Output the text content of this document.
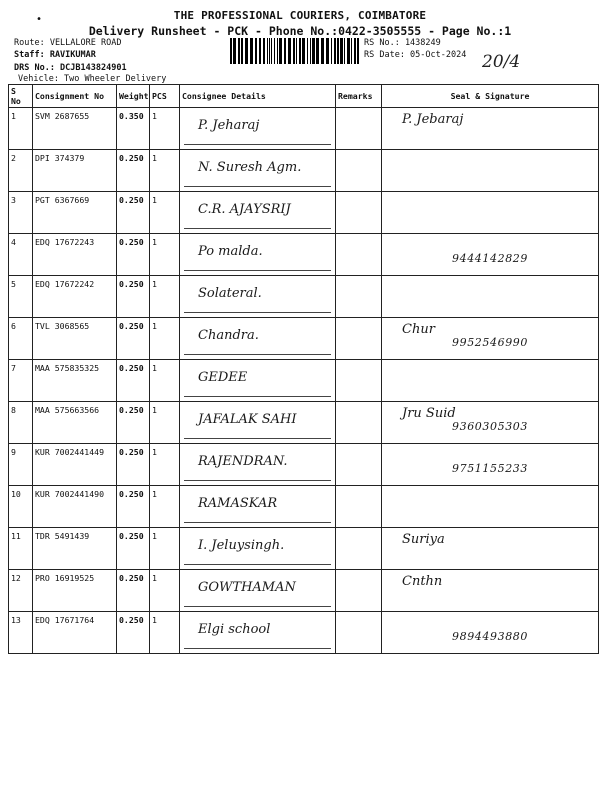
•	THE PROFESSIONAL COURIERS, COIMBATORE
Delivery Runsheet - PCK - Phone No.:0422-3505555 - Page No.:1
Route: VELLALORE ROAD
Staff: RAVIKUMAR
DRS No.: DCJB143824901
Vehicle: Two Wheeler Delivery
RS No.: 1438249
RS Date: 05-Oct-2024 20/4
S No	Consignment No	Weight	PCS	Consignee Details	Remarks	Seal & Signature
1	SVM 2687655	0.350	1	P. Jeharaj		P. Jebaraj

2	DPI 374379	0.250	1	N. Suresh Agm.		

3	PGT 6367669	0.250	1	C.R. AJAYSRIJ		

4	EDQ 17672243	0.250	1	Po malda.		9444142829

5	EDQ 17672242	0.250	1	Solateral.		

6	TVL 3068565	0.250	1	Chandra.		Chur
9952546990

7	MAA 575835325	0.250	1	GEDEE		

8	MAA 575663566	0.250	1	JAFALAK SAHI		Jru Suid
9360305303

9	KUR 7002441449	0.250	1	RAJENDRAN.		9751155233

10	KUR 7002441490	0.250	1	RAMASKAR		

11	TDR 5491439	0.250	1	I. Jeluysingh.		Suriya

12	PRO 16919525	0.250	1	GOWTHAMAN		Cnthn

13	EDQ 17671764	0.250	1	Elgi school		9894493880
